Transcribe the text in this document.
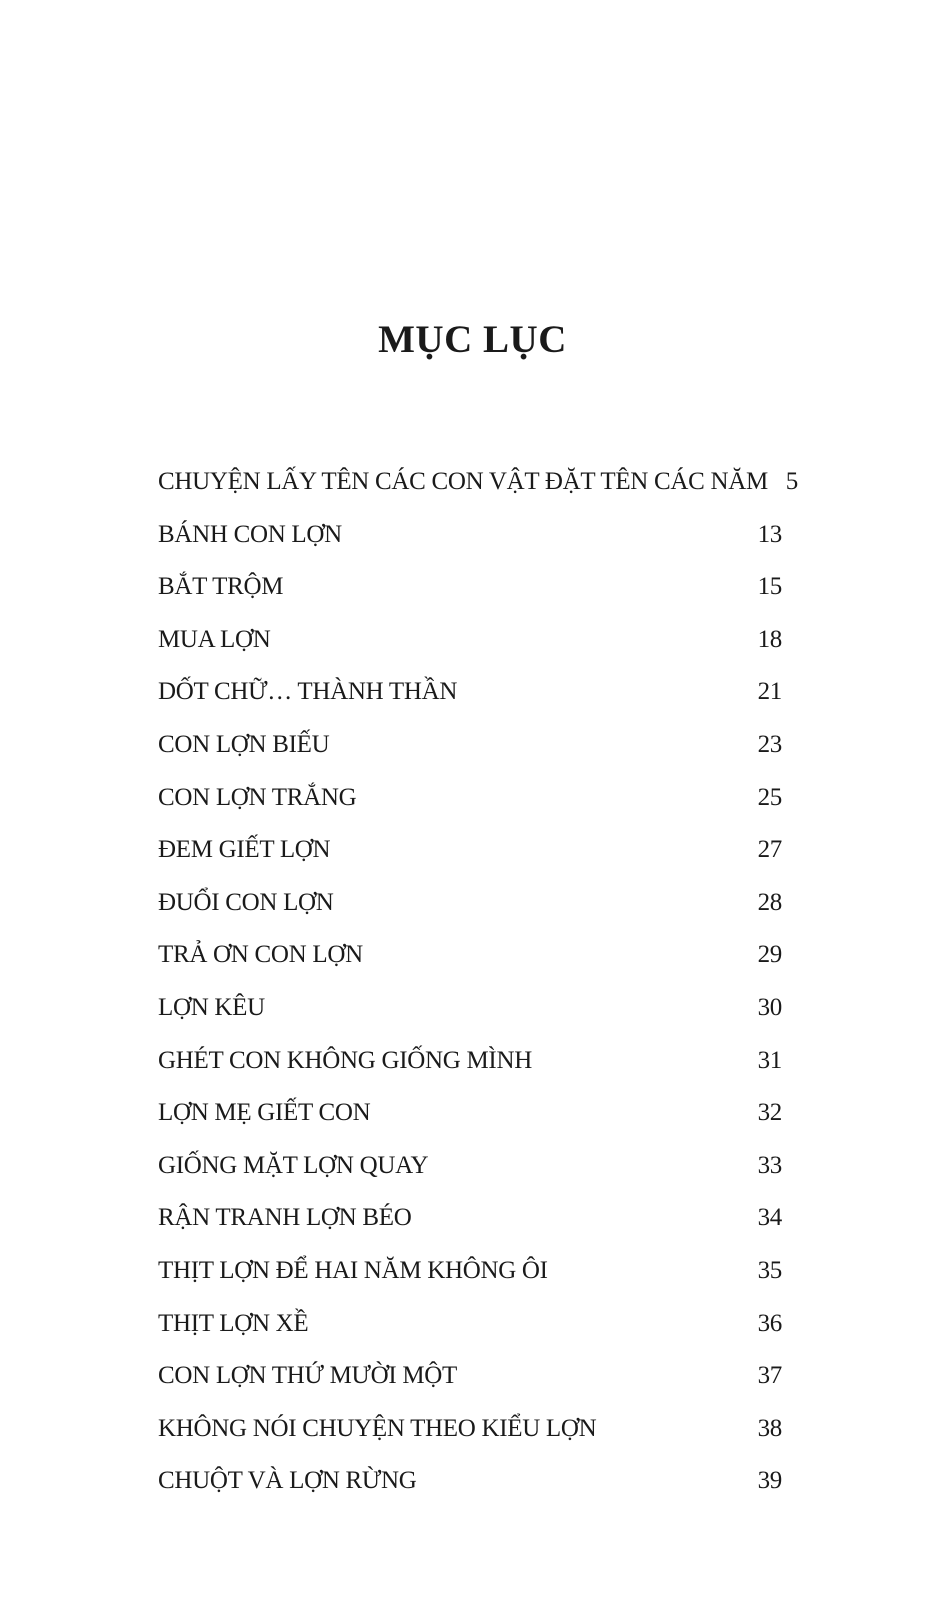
MỤC LỤC
CHUYỆN LẤY TÊN CÁC CON VẬT ĐẶT TÊN CÁC NĂM 5
BÁNH CON LỢN	13
BẮT TRỘM	15
MUA LỢN	18
DỐT CHỮ… THÀNH THẦN	21
CON LỢN BIẾU	23
CON LỢN TRẮNG	25
ĐEM GIẾT LỢN	27
ĐUỔI CON LỢN	28
TRẢ ƠN CON LỢN	29
LỢN KÊU	30
GHÉT CON KHÔNG GIỐNG MÌNH	31
LỢN MẸ GIẾT CON	32
GIỐNG MẶT LỢN QUAY	33
RẬN TRANH LỢN BÉO	34
THỊT LỢN ĐỂ HAI NĂM KHÔNG ÔI	35
THỊT LỢN XỀ	36
CON LỢN THỨ MƯỜI MỘT	37
KHÔNG NÓI CHUYỆN THEO KIỂU LỢN	38
CHUỘT VÀ LỢN RỪNG	39
